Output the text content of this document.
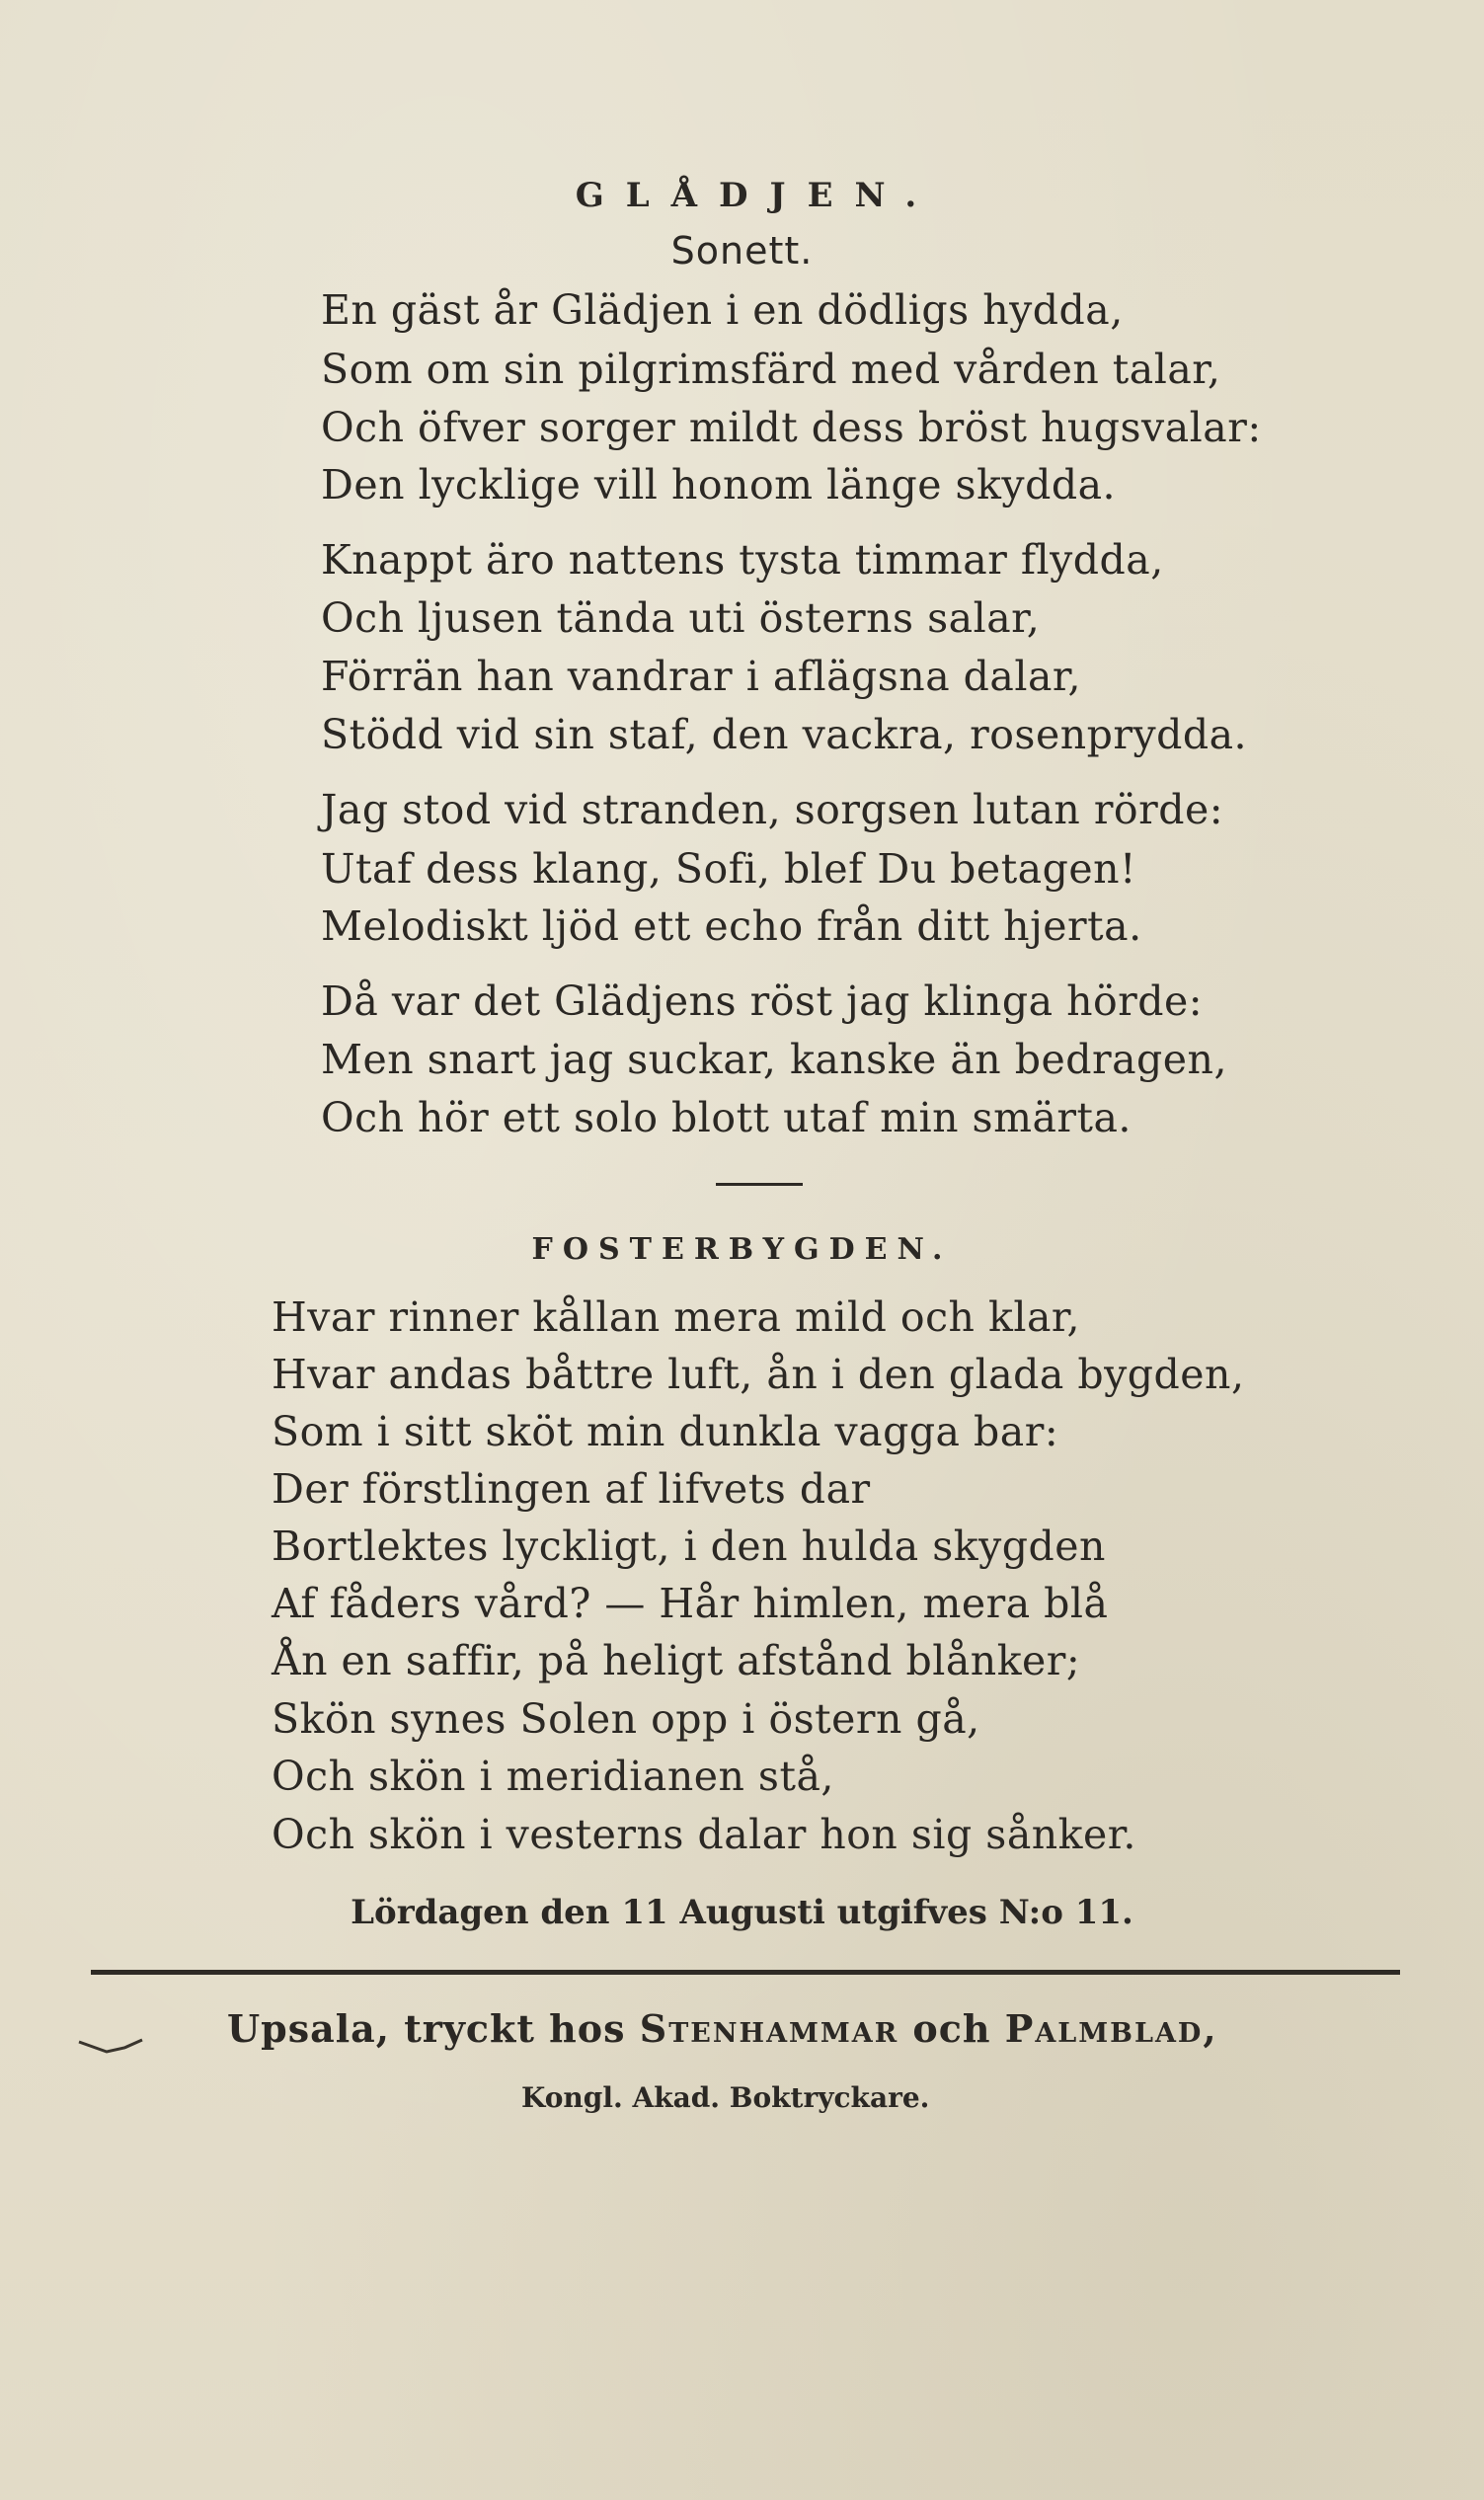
GLÅDJEN.
Sonett.
En gäst år Glädjen i en dödligs hydda,
Som om sin pilgrimsfärd med vården talar,
Och öfver sorger mildt dess bröst hugsvalar:
Den lycklige vill honom länge skydda.
Knappt äro nattens tysta timmar flydda,
Och ljusen tända uti österns salar,
Förrän han vandrar i aflägsna dalar,
Stödd vid sin staf, den vackra, rosenprydda.
Jag stod vid stranden, sorgsen lutan rörde:
Utaf dess klang, Sofi, blef Du betagen!
Melodiskt ljöd ett echo från ditt hjerta.
Då var det Glädjens röst jag klinga hörde:
Men snart jag suckar, kanske än bedragen,
Och hör ett solo blott utaf min smärta.
FOSTERBYGDEN.
Hvar rinner kållan mera mild och klar,
Hvar andas båttre luft, ån i den glada bygden,
Som i sitt sköt min dunkla vagga bar:
Der förstlingen af lifvets dar
Bortlektes lyckligt, i den hulda skygden
Af fåders vård? — Hår himlen, mera blå
Ån en saffir, på heligt afstånd blånker;
Skön synes Solen opp i östern gå,
Och skön i meridianen stå,
Och skön i vesterns dalar hon sig sånker.
Lördagen den 11 Augusti utgifves N:o 11.
Upsala, tryckt hos Stenhammar och Palmblad,
Kongl. Akad. Boktryckare.
